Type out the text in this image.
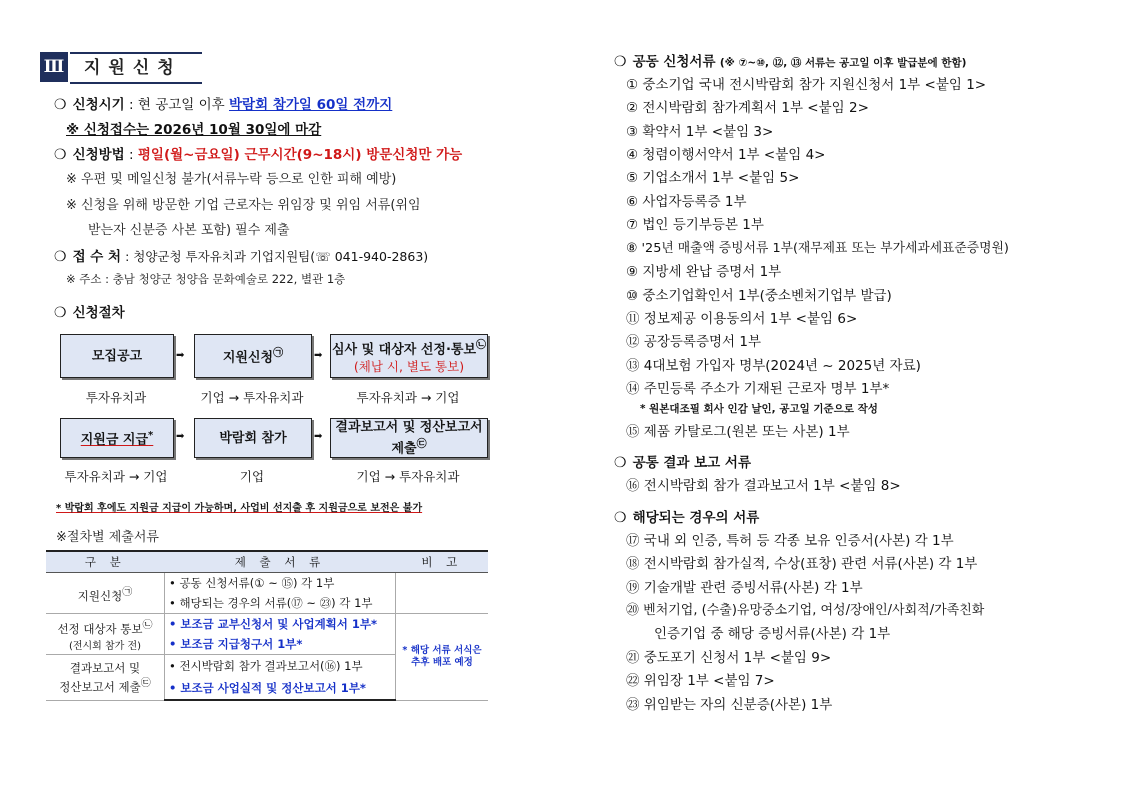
Ⅲ	지원신청
❍ 신청시기 : 현 공고일 이후 박람회 참가일 60일 전까지
※ 신청접수는 2026년 10월 30일에 마감
❍ 신청방법 : 평일(월~금요일) 근무시간(9~18시) 방문신청만 가능
※ 우편 및 메일신청 불가(서류누락 등으로 인한 피해 예방)
※ 신청을 위해 방문한 기업 근로자는 위임장 및 위임 서류(위임
받는자 신분증 사본 포함) 필수 제출
❍ 접 수 처 : 청양군청 투자유치과 기업지원팀(☏ 041-940-2863)
※ 주소 : 충남 청양군 청양읍 문화예술로 222, 별관 1층
❍ 신청절차
모집공고	➡	지원신청㉠	➡ 심사 및 대상자 선정·통보㉡
(체납 시, 별도 통보)
투자유치과	기업 → 투자유치과	투자유치과 → 기업
지원금 지급* ➡	박람회 참가	➡
결과보고서 및 정산보고서
제출㉢
투자유치과 → 기업	기업	기업 → 투자유치과
* 박람회 후에도 지원금 지급이 가능하며, 사업비 선지출 후 지원금으로 보전은 불가
※절차별 제출서류
구 분	제 출 서 류	비 고
지원신청㉠	• 공동 신청서류(① ~ ⑮) 각 1부	
	• 해당되는 경우의 서류(⑰ ~ ㉓) 각 1부	
선정 대상자 통보㉡
(전시회 참가 전)	• 보조금 교부신청서 및 사업계획서 1부*	* 해당 서류 서식은 추후 배포 예정
	• 보조금 지급청구서 1부*	
결과보고서 및
정산보고서 제출㉢	• 전시박람회 참가 결과보고서(⑯) 1부	
	• 보조금 사업실적 및 정산보고서 1부*	
❍ 공동 신청서류 (※ ⑦~⑩, ⑫, ⑬ 서류는 공고일 이후 발급분에 한함)
① 중소기업 국내 전시박람회 참가 지원신청서 1부 <붙임 1>
② 전시박람회 참가계획서 1부 <붙임 2>
③ 확약서 1부 <붙임 3>
④ 청렴이행서약서 1부 <붙임 4>
⑤ 기업소개서 1부 <붙임 5>
⑥ 사업자등록증 1부
⑦ 법인 등기부등본 1부
⑧ '25년 매출액 증빙서류 1부(재무제표 또는 부가세과세표준증명원)
⑨ 지방세 완납 증명서 1부
⑩ 중소기업확인서 1부(중소벤처기업부 발급)
⑪ 정보제공 이용동의서 1부 <붙임 6>
⑫ 공장등록증명서 1부
⑬ 4대보험 가입자 명부(2024년 ~ 2025년 자료)
⑭ 주민등록 주소가 기재된 근로자 명부 1부*
* 원본대조필 회사 인감 날인, 공고일 기준으로 작성
⑮ 제품 카탈로그(원본 또는 사본) 1부
❍ 공통 결과 보고 서류
⑯ 전시박람회 참가 결과보고서 1부 <붙임 8>
❍ 해당되는 경우의 서류
⑰ 국내 외 인증, 특허 등 각종 보유 인증서(사본) 각 1부
⑱ 전시박람회 참가실적, 수상(표창) 관련 서류(사본) 각 1부
⑲ 기술개발 관련 증빙서류(사본) 각 1부
⑳ 벤처기업, (수출)유망중소기업, 여성/장애인/사회적/가족친화
인증기업 중 해당 증빙서류(사본) 각 1부
㉑ 중도포기 신청서 1부 <붙임 9>
㉒ 위임장 1부 <붙임 7>
㉓ 위임받는 자의 신분증(사본) 1부
